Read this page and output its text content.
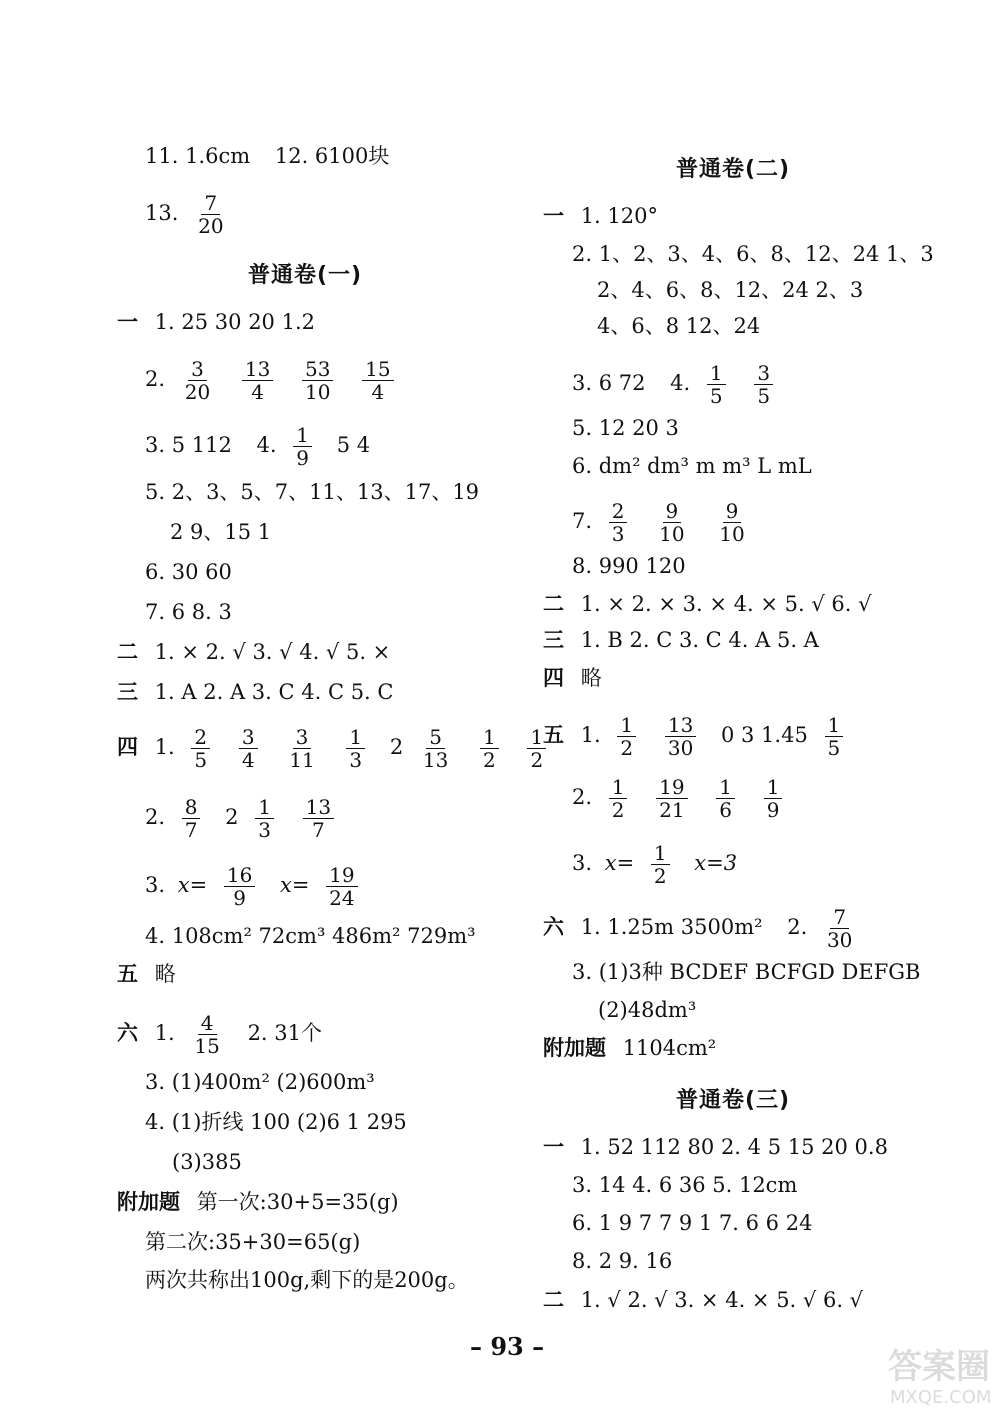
11. 1.6cm 12. 6100块
13. $\frac{7}{20}$
普通卷(一)
一 1. 25 30 20 1.2
2. $\frac{3}{20}$
$\frac{13}{4}$
$\frac{53}{10}$
$\frac{15}{4}$
3. 5 112 4. $\frac{1}{9} 5$ 4
5. 2、3、5、7、11、13、17、19
2 9、15 1
6. 30 60
7. 6 8. 3
二 1. × 2. √ 3. √ 4. √ 5. ×
三 1. A 2. A 3. C 4. C 5. C
四 1. $\frac{2}{5}$
$\frac{3}{4}$
$\frac{3}{11}$
$\frac{1}{3} 2 \frac{5}{13}$
$\frac{1}{2}$
$\frac{1}{2}$
2. $\frac{8}{7} 2 \frac{1}{3}$
$\frac{13}{7}$
3. $x= \frac{16}{9} x= \frac{19}{24}$
4. 108cm² 72cm³ 486m² 729m³
五 略
六 1. $\frac{4}{15} 2$. 31个
3. (1)400m² (2)600m³
4. (1)折线 100 (2)6 1 295
(3)385
附加题 第一次:30+5=35(g)
第二次:35+30=65(g)
两次共称出100g,剩下的是200g。
普通卷(二)
一 1. 120°
2. 1、2、3、4、6、8、12、24 1、3
2、4、6、8、12、24 2、3
4、6、8 12、24
3. 6 72 4. $\frac{1}{5}$
$\frac{3}{5}$
5. 12 20 3
6. dm² dm³ m m³ L mL
7. $\frac{2}{3}$
$\frac{9}{10}$
$\frac{9}{10}$
8. 990 120
二 1. × 2. × 3. × 4. × 5. √ 6. √
三 1. B 2. C 3. C 4. A 5. A
四 略
五 1. $\frac{1}{2}$
$\frac{13}{30} 0$ 3 $1.45 \frac{1}{5}$
2. $\frac{1}{2}$
$\frac{19}{21}$
$\frac{1}{6}$
$\frac{1}{9}$
3. $x= \frac{1}{2} x=3$
六 1. 1.25m 3500m² 2. $\frac{7}{30}$
3. (1)3种 BCDEF BCFGD DEFGB
(2)48dm³
附加题 1104cm²
普通卷(三)
一 1. 52 112 80 2. 4 5 15 20 0.8
3. 14 4. 6 36 5. 12cm
6. 1 9 7 7 9 1 7. 6 6 24
8. 2 9. 16
二 1. √ 2. √ 3. × 4. × 5. √ 6. √
– 93 –
答案圈
MXQE.COM
